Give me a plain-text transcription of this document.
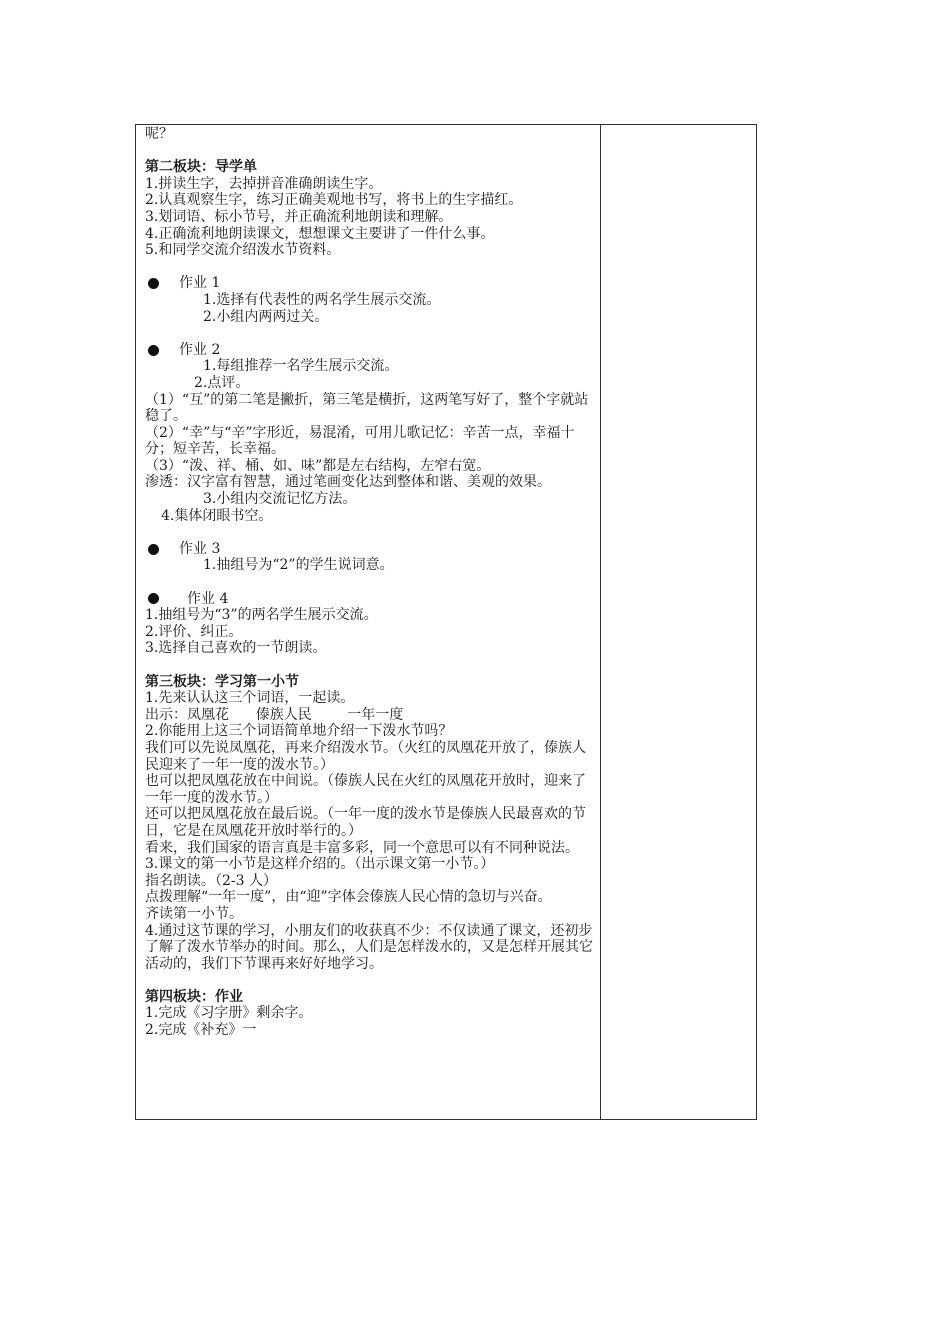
呢？
第二板块：导学单
1.拼读生字，去掉拼音准确朗读生字。
2.认真观察生字，练习正确美观地书写，将书上的生字描红。
3.划词语、标小节号，并正确流利地朗读和理解。
4.正确流利地朗读课文，想想课文主要讲了一件什么事。
5.和同学交流介绍泼水节资料。
作业 1
1.选择有代表性的两名学生展示交流。
2.小组内两两过关。
作业 2
1.每组推荐一名学生展示交流。
2.点评。
（1）“互”的第二笔是撇折，第三笔是横折，这两笔写好了，整个字就站稳了。
（2）“幸”与“辛”字形近，易混淆，可用儿歌记忆：辛苦一点，幸福十分；短辛苦，长幸福。
（3）“泼、祥、桶、如、味”都是左右结构，左窄右宽。
渗透：汉字富有智慧，通过笔画变化达到整体和谐、美观的效果。
3.小组内交流记忆方法。
4.集体闭眼书空。
作业 3
1.抽组号为“2”的学生说词意。
作业 4
1.抽组号为“3”的两名学生展示交流。
2.评价、纠正。
3.选择自己喜欢的一节朗读。
第三板块：学习第一小节
1.先来认认这三个词语，一起读。
出示：凤凰花      傣族人民        一年一度
2.你能用上这三个词语简单地介绍一下泼水节吗？
我们可以先说凤凰花，再来介绍泼水节。（火红的凤凰花开放了，傣族人民迎来了一年一度的泼水节。）
也可以把凤凰花放在中间说。（傣族人民在火红的凤凰花开放时，迎来了一年一度的泼水节。）
还可以把凤凰花放在最后说。（一年一度的泼水节是傣族人民最喜欢的节日，它是在凤凰花开放时举行的。）
看来，我们国家的语言真是丰富多彩，同一个意思可以有不同种说法。
3.课文的第一小节是这样介绍的。（出示课文第一小节。）
指名朗读。（2-3 人）
点拨理解“一年一度”，由“迎”字体会傣族人民心情的急切与兴奋。
齐读第一小节。
4.通过这节课的学习，小朋友们的收获真不少：不仅读通了课文，还初步了解了泼水节举办的时间。那么，人们是怎样泼水的，又是怎样开展其它活动的，我们下节课再来好好地学习。
第四板块：作业
1.完成《习字册》剩余字。
2.完成《补充》一
